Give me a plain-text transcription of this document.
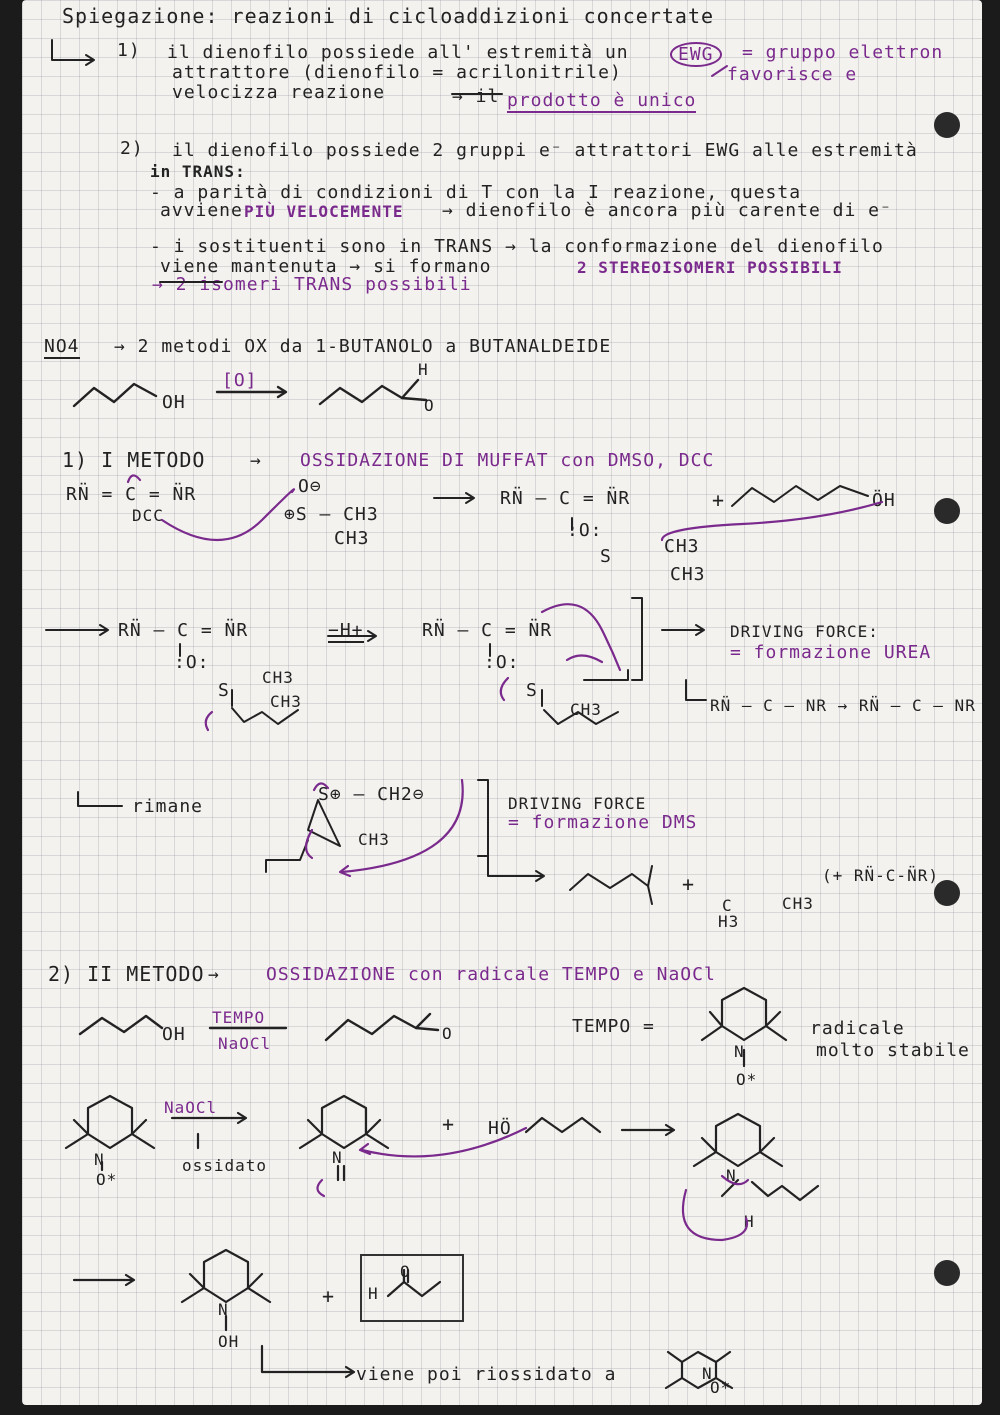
Spiegazione: reazioni di cicloaddizioni concertate
1) il dienofilo possiede all' estremità un	EWG	= gruppo elettron
attrattore (dienofilo = acrilonitrile)	favorisce e
velocizza reazione	→ il prodotto è unico
2) il dienofilo possiede 2 gruppi e⁻ attrattori EWG alle estremità
in TRANS:
- a parità di condizioni di T con la I reazione, questa
avviene PIÙ VELOCEMENTE → dienofilo è ancora più carente di e⁻
- i sostituenti sono in TRANS → la conformazione del dienofilo
viene mantenuta → si formano	2 STEREOISOMERI POSSIBILI
→ 2 isomeri TRANS possibili
NO4 → 2 metodi OX da 1-BUTANOLO a BUTANALDEIDE
OH
[O]
H
O
1) I METODO → OSSIDAZIONE DI MUFFAT con DMSO, DCC
RN̈ = C = N̈R
DCC
O⊖
⊕S — CH3
CH3
RN̈ — C = N̈R
:O:
S	CH3
CH3
+	ÖH
RN̈ — C = N̈R
:O:
S
CH3
CH3
−H+	RN̈ — C = N̈R
:O:
S
CH3
DRIVING FORCE:
= formazione UREA
RN̈ — C — NR → RN̈ — C — NR
rimane
S⊕ — CH2⊖
CH3
DRIVING FORCE
= formazione DMS
+
C
H3
CH3
(+ RN̈-C-N̈R)
2) II METODO →	OSSIDAZIONE con radicale TEMPO e NaOCl
OH
TEMPO
NaOCl
O	TEMPO =
N
O*
radicale
molto stabile
N
O*
NaOCl
ossidato	N
+ HÖ
N
H
N
OH
+ H
O
viene poi riossidato a	N
O*
